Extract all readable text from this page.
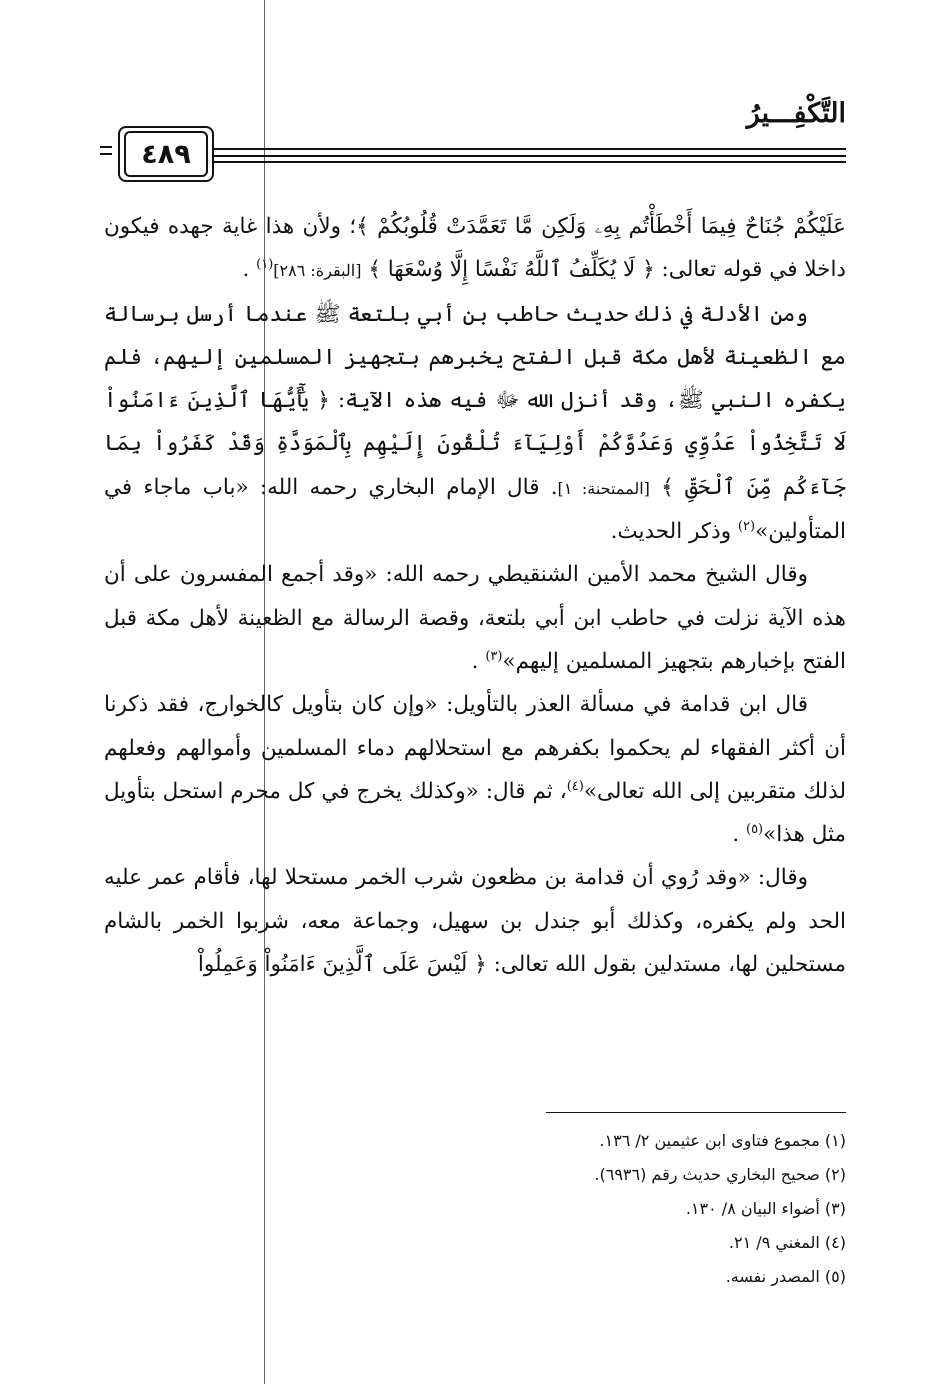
التَّكْفِـــيرُ
٤٨٩

عَلَيْكُمْ جُنَاحٌ فِيمَا أَخْطَأْتُم بِهِۦ وَلَكِن مَّا تَعَمَّدَتْ قُلُوبُكُمْ ﴾؛ ولأن هذا غاية جهده فيكون داخلا في قوله تعالى: ﴿ لَا يُكَلِّفُ ٱللَّهُ نَفْسًا إِلَّا وُسْعَهَا ﴾ [البقرة: ٢٨٦]$^{(١)}$ .

ومن الأدلة في ذلك حديث حاطب بن أبي بلتعة ﷺ عندما أرسل برسالة مع الظعينة لأهل مكة قبل الفتح يخبرهم بتجهيز المسلمين إليهم، فلم يكفره النبي ﷺ، وقد أنزل الله ﷻ فيه هذه الآية: ﴿ يَٰٓأَيُّهَا ٱلَّذِينَ ءَامَنُواْ لَا تَتَّخِذُواْ عَدُوِّي وَعَدُوَّكُمْ أَوْلِيَآءَ تُلْقُونَ إِلَيْهِم بِٱلْمَوَدَّةِ وَقَدْ كَفَرُواْ بِمَا جَآءَكُم مِّنَ ٱلْحَقِّ ﴾ [الممتحنة: ١]. قال الإمام البخاري رحمه الله: «باب ماجاء في المتأولين»$^{(٢)}$ وذكر الحديث.

وقال الشيخ محمد الأمين الشنقيطي رحمه الله: «وقد أجمع المفسرون على أن هذه الآية نزلت في حاطب ابن أبي بلتعة، وقصة الرسالة مع الظعينة لأهل مكة قبل الفتح بإخبارهم بتجهيز المسلمين إليهم»$^{(٣)}$ .

قال ابن قدامة في مسألة العذر بالتأويل: «وإن كان بتأويل كالخوارج، فقد ذكرنا أن أكثر الفقهاء لم يحكموا بكفرهم مع استحلالهم دماء المسلمين وأموالهم وفعلهم لذلك متقربين إلى الله تعالى»$^{(٤)}$، ثم قال: «وكذلك يخرج في كل محرم استحل بتأويل مثل هذا»$^{(٥)}$ .

وقال: «وقد رُوي أن قدامة بن مظعون شرب الخمر مستحلا لها، فأقام عمر عليه الحد ولم يكفره، وكذلك أبو جندل بن سهيل، وجماعة معه، شربوا الخمر بالشام مستحلين لها، مستدلين بقول الله تعالى: ﴿ لَيْسَ عَلَى ٱلَّذِينَ ءَامَنُواْ وَعَمِلُواْ

(١) مجموع فتاوى ابن عثيمين ٢/ ١٣٦.
(٢) صحيح البخاري حديث رقم (٦٩٣٦).
(٣) أضواء البيان ٨/ ١٣٠.
(٤) المغني ٩/ ٢١.
(٥) المصدر نفسه.
